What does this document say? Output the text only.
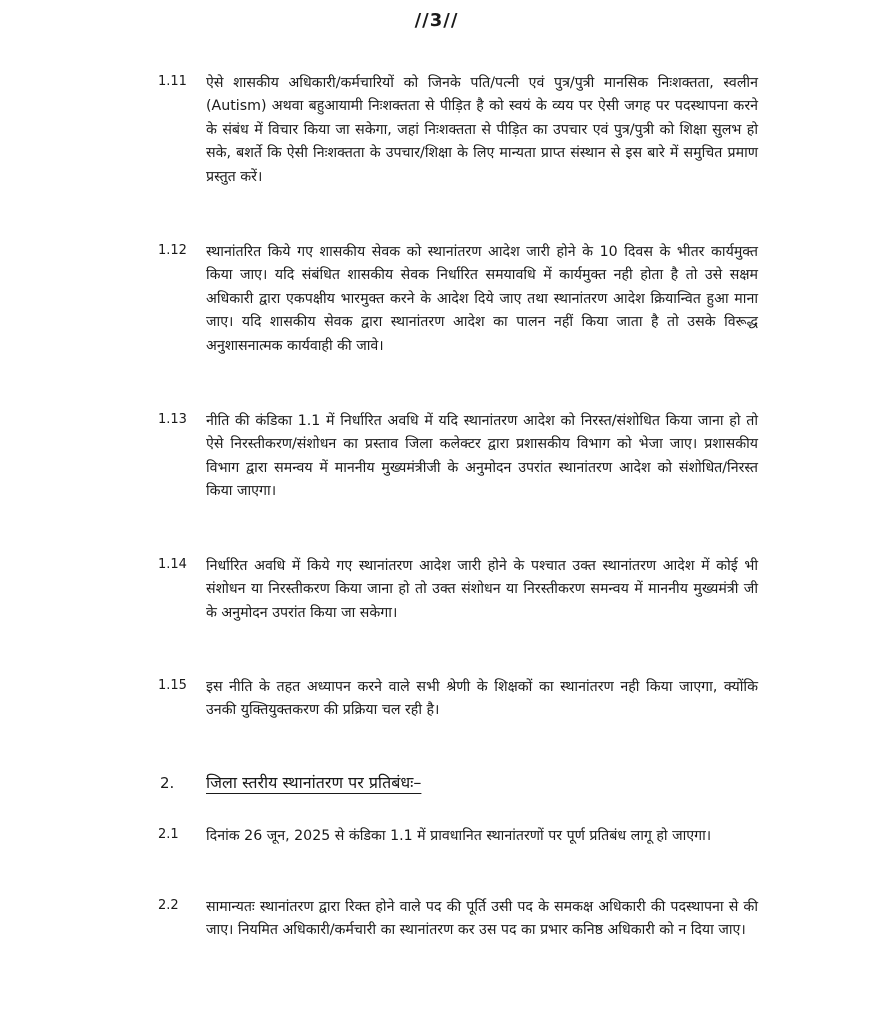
//3//
1.11 ऐसे शासकीय अधिकारी/कर्मचारियों को जिनके पति/पत्नी एवं पुत्र/पुत्री मानसिक निःशक्तता, स्वलीन (Autism) अथवा बहुआयामी निःशक्तता से पीड़ित है को स्वयं के व्यय पर ऐसी जगह पर पदस्थापना करने के संबंध में विचार किया जा सकेगा, जहां निःशक्तता से पीड़ित का उपचार एवं पुत्र/पुत्री को शिक्षा सुलभ हो सके, बशर्ते कि ऐसी निःशक्तता के उपचार/शिक्षा के लिए मान्यता प्राप्त संस्थान से इस बारे में समुचित प्रमाण प्रस्तुत करें।
1.12 स्थानांतरित किये गए शासकीय सेवक को स्थानांतरण आदेश जारी होने के 10 दिवस के भीतर कार्यमुक्त किया जाए। यदि संबंधित शासकीय सेवक निर्धारित समयावधि में कार्यमुक्त नही होता है तो उसे सक्षम अधिकारी द्वारा एकपक्षीय भारमुक्त करने के आदेश दिये जाए तथा स्थानांतरण आदेश क्रियान्वित हुआ माना जाए। यदि शासकीय सेवक द्वारा स्थानांतरण आदेश का पालन नहीं किया जाता है तो उसके विरूद्ध अनुशासनात्मक कार्यवाही की जावे।
1.13 नीति की कंडिका 1.1 में निर्धारित अवधि में यदि स्थानांतरण आदेश को निरस्त/संशोधित किया जाना हो तो ऐसे निरस्तीकरण/संशोधन का प्रस्ताव जिला कलेक्टर द्वारा प्रशासकीय विभाग को भेजा जाए। प्रशासकीय विभाग द्वारा समन्वय में माननीय मुख्यमंत्रीजी के अनुमोदन उपरांत स्थानांतरण आदेश को संशोधित/निरस्त किया जाएगा।
1.14 निर्धारित अवधि में किये गए स्थानांतरण आदेश जारी होने के पश्चात उक्त स्थानांतरण आदेश में कोई भी संशोधन या निरस्तीकरण किया जाना हो तो उक्त संशोधन या निरस्तीकरण समन्वय में माननीय मुख्यमंत्री जी के अनुमोदन उपरांत किया जा सकेगा।
1.15 इस नीति के तहत अध्यापन करने वाले सभी श्रेणी के शिक्षकों का स्थानांतरण नही किया जाएगा, क्योंकि उनकी युक्तियुक्तकरण की प्रक्रिया चल रही है।
2. जिला स्तरीय स्थानांतरण पर प्रतिबंधः–
2.1 दिनांक 26 जून, 2025 से कंडिका 1.1 में प्रावधानित स्थानांतरणों पर पूर्ण प्रतिबंध लागू हो जाएगा।
2.2 सामान्यतः स्थानांतरण द्वारा रिक्त होने वाले पद की पूर्ति उसी पद के समकक्ष अधिकारी की पदस्थापना से की जाए। नियमित अधिकारी/कर्मचारी का स्थानांतरण कर उस पद का प्रभार कनिष्ठ अधिकारी को न दिया जाए।
